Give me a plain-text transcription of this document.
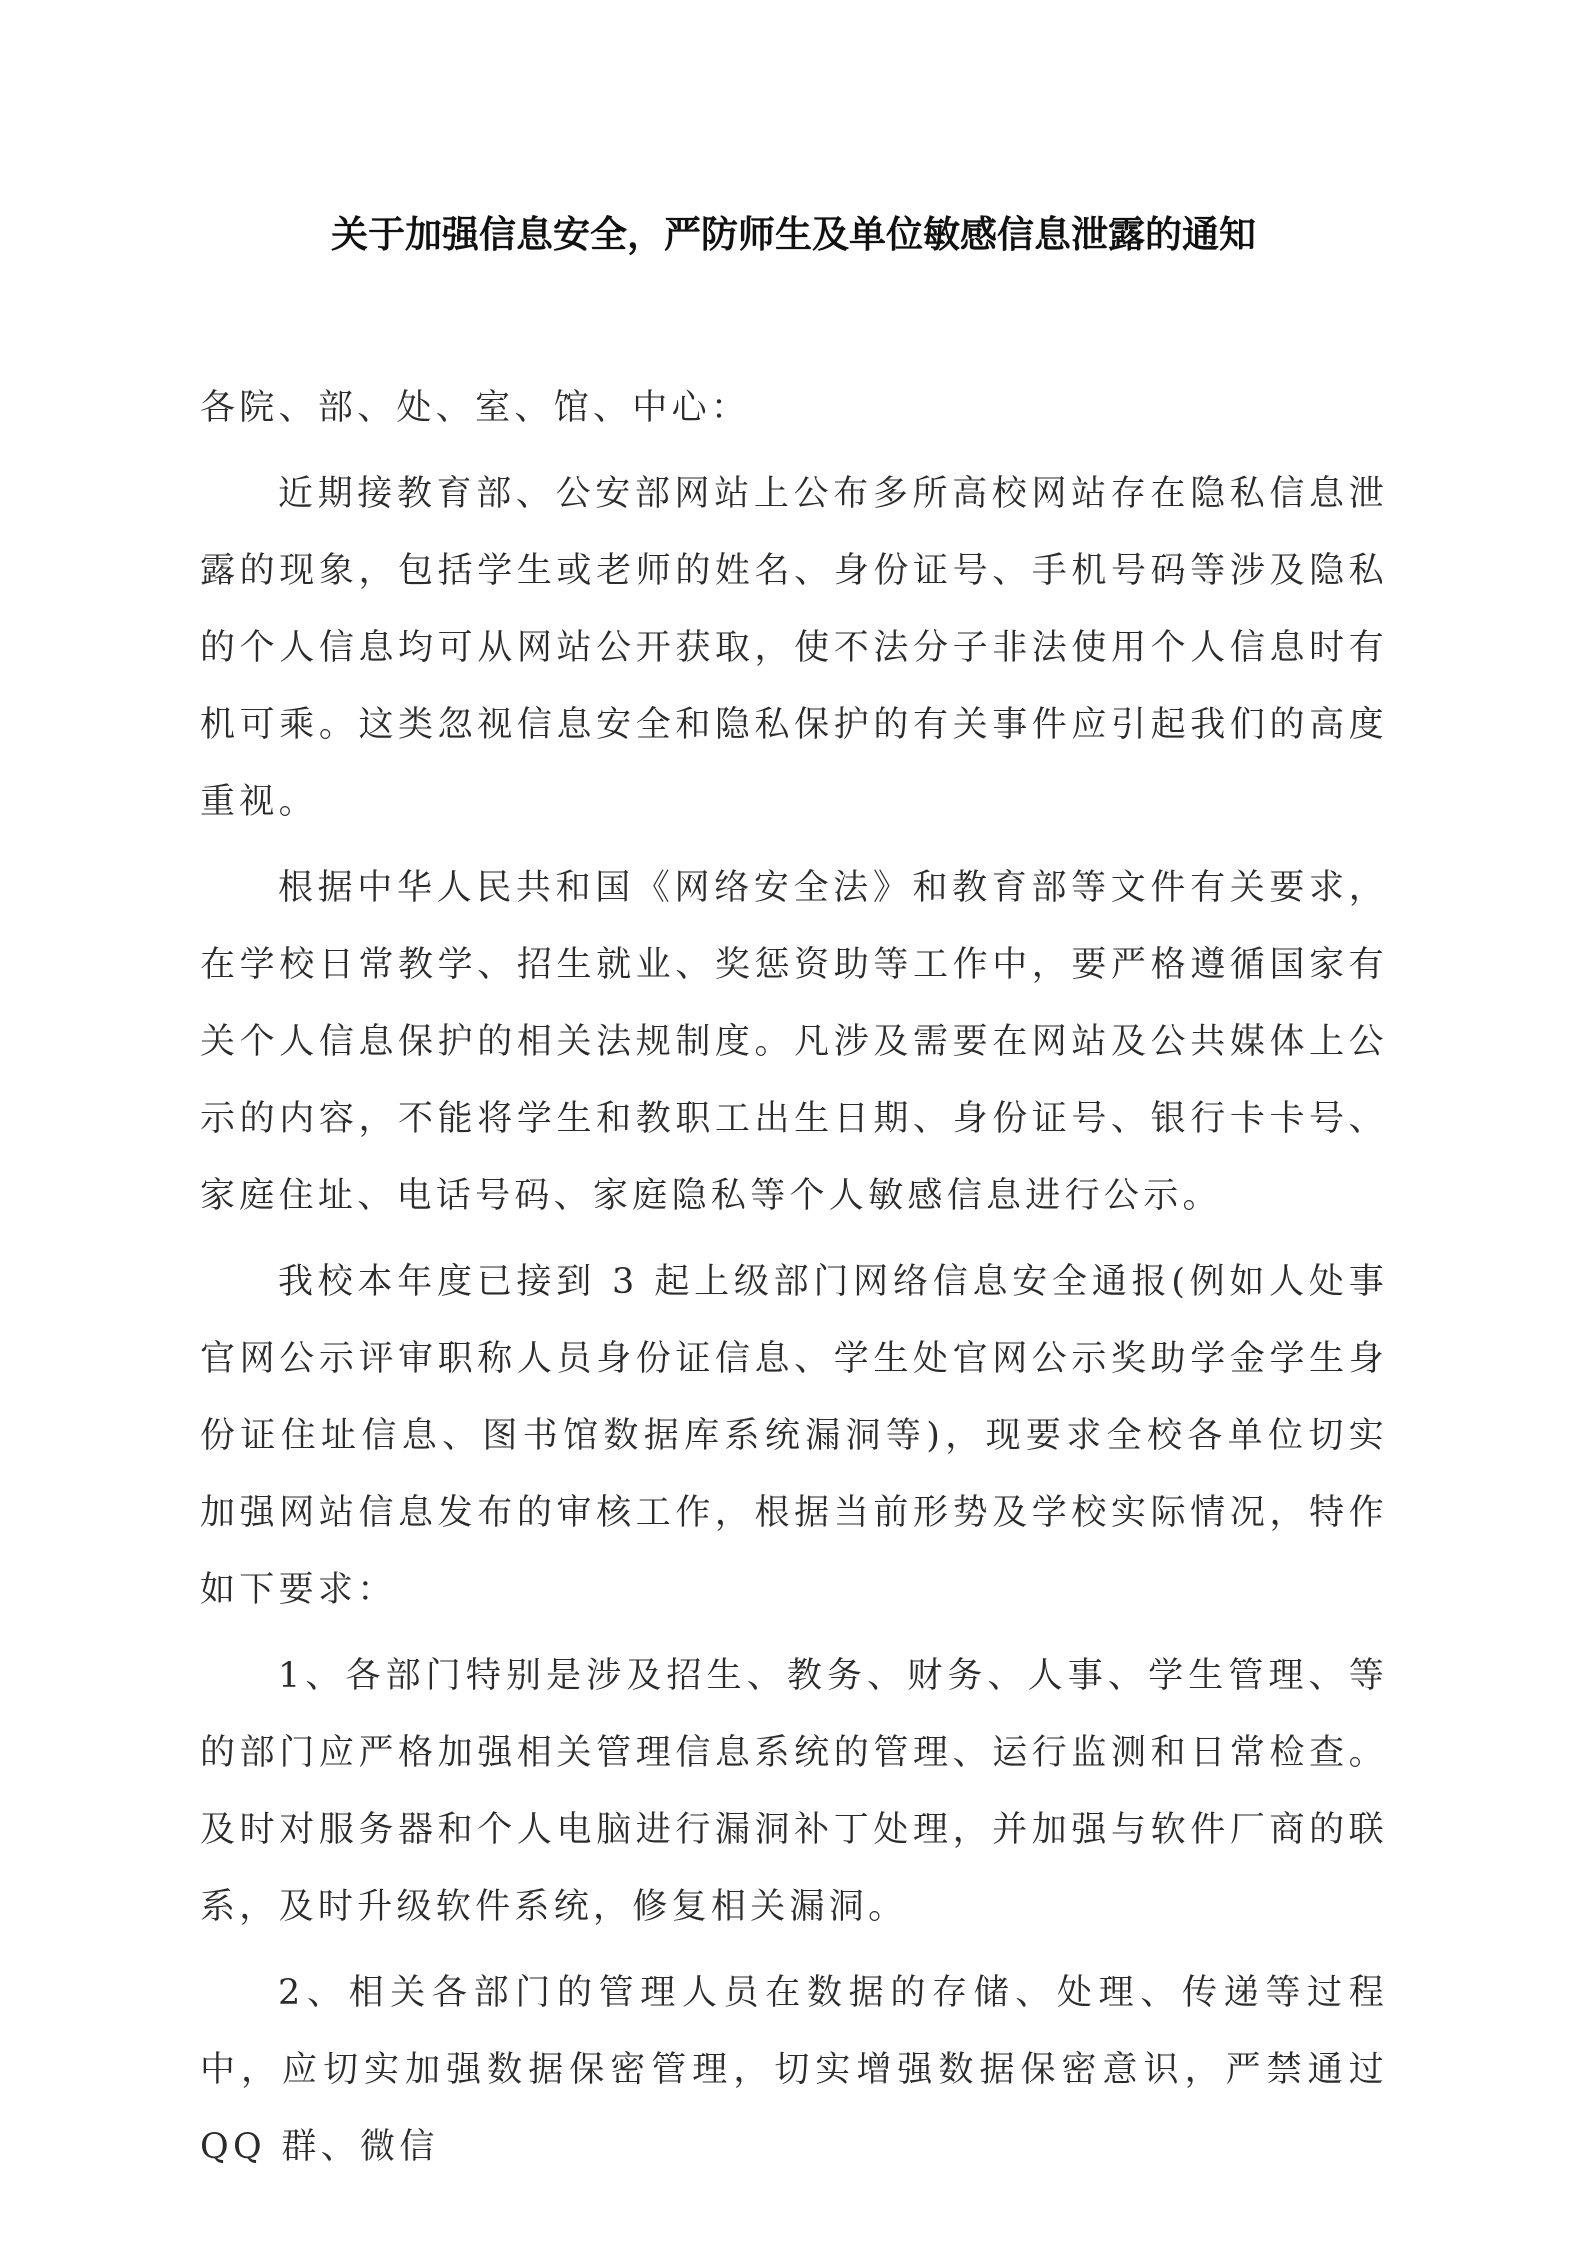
关于加强信息安全，严防师生及单位敏感信息泄露的通知

各院、部、处、室、馆、中心：

近期接教育部、公安部网站上公布多所高校网站存在隐私信息泄露的现象，包括学生或老师的姓名、身份证号、手机号码等涉及隐私的个人信息均可从网站公开获取，使不法分子非法使用个人信息时有机可乘。这类忽视信息安全和隐私保护的有关事件应引起我们的高度重视。

根据中华人民共和国《网络安全法》和教育部等文件有关要求，在学校日常教学、招生就业、奖惩资助等工作中，要严格遵循国家有关个人信息保护的相关法规制度。凡涉及需要在网站及公共媒体上公示的内容，不能将学生和教职工出生日期、身份证号、银行卡卡号、家庭住址、电话号码、家庭隐私等个人敏感信息进行公示。

我校本年度已接到 3 起上级部门网络信息安全通报(例如人处事官网公示评审职称人员身份证信息、学生处官网公示奖助学金学生身份证住址信息、图书馆数据库系统漏洞等)，现要求全校各单位切实加强网站信息发布的审核工作，根据当前形势及学校实际情况，特作如下要求：

1、各部门特别是涉及招生、教务、财务、人事、学生管理、等的部门应严格加强相关管理信息系统的管理、运行监测和日常检查。及时对服务器和个人电脑进行漏洞补丁处理，并加强与软件厂商的联系，及时升级软件系统，修复相关漏洞。

2、相关各部门的管理人员在数据的存储、处理、传递等过程中，应切实加强数据保密管理，切实增强数据保密意识，严禁通过 QQ 群、微信
